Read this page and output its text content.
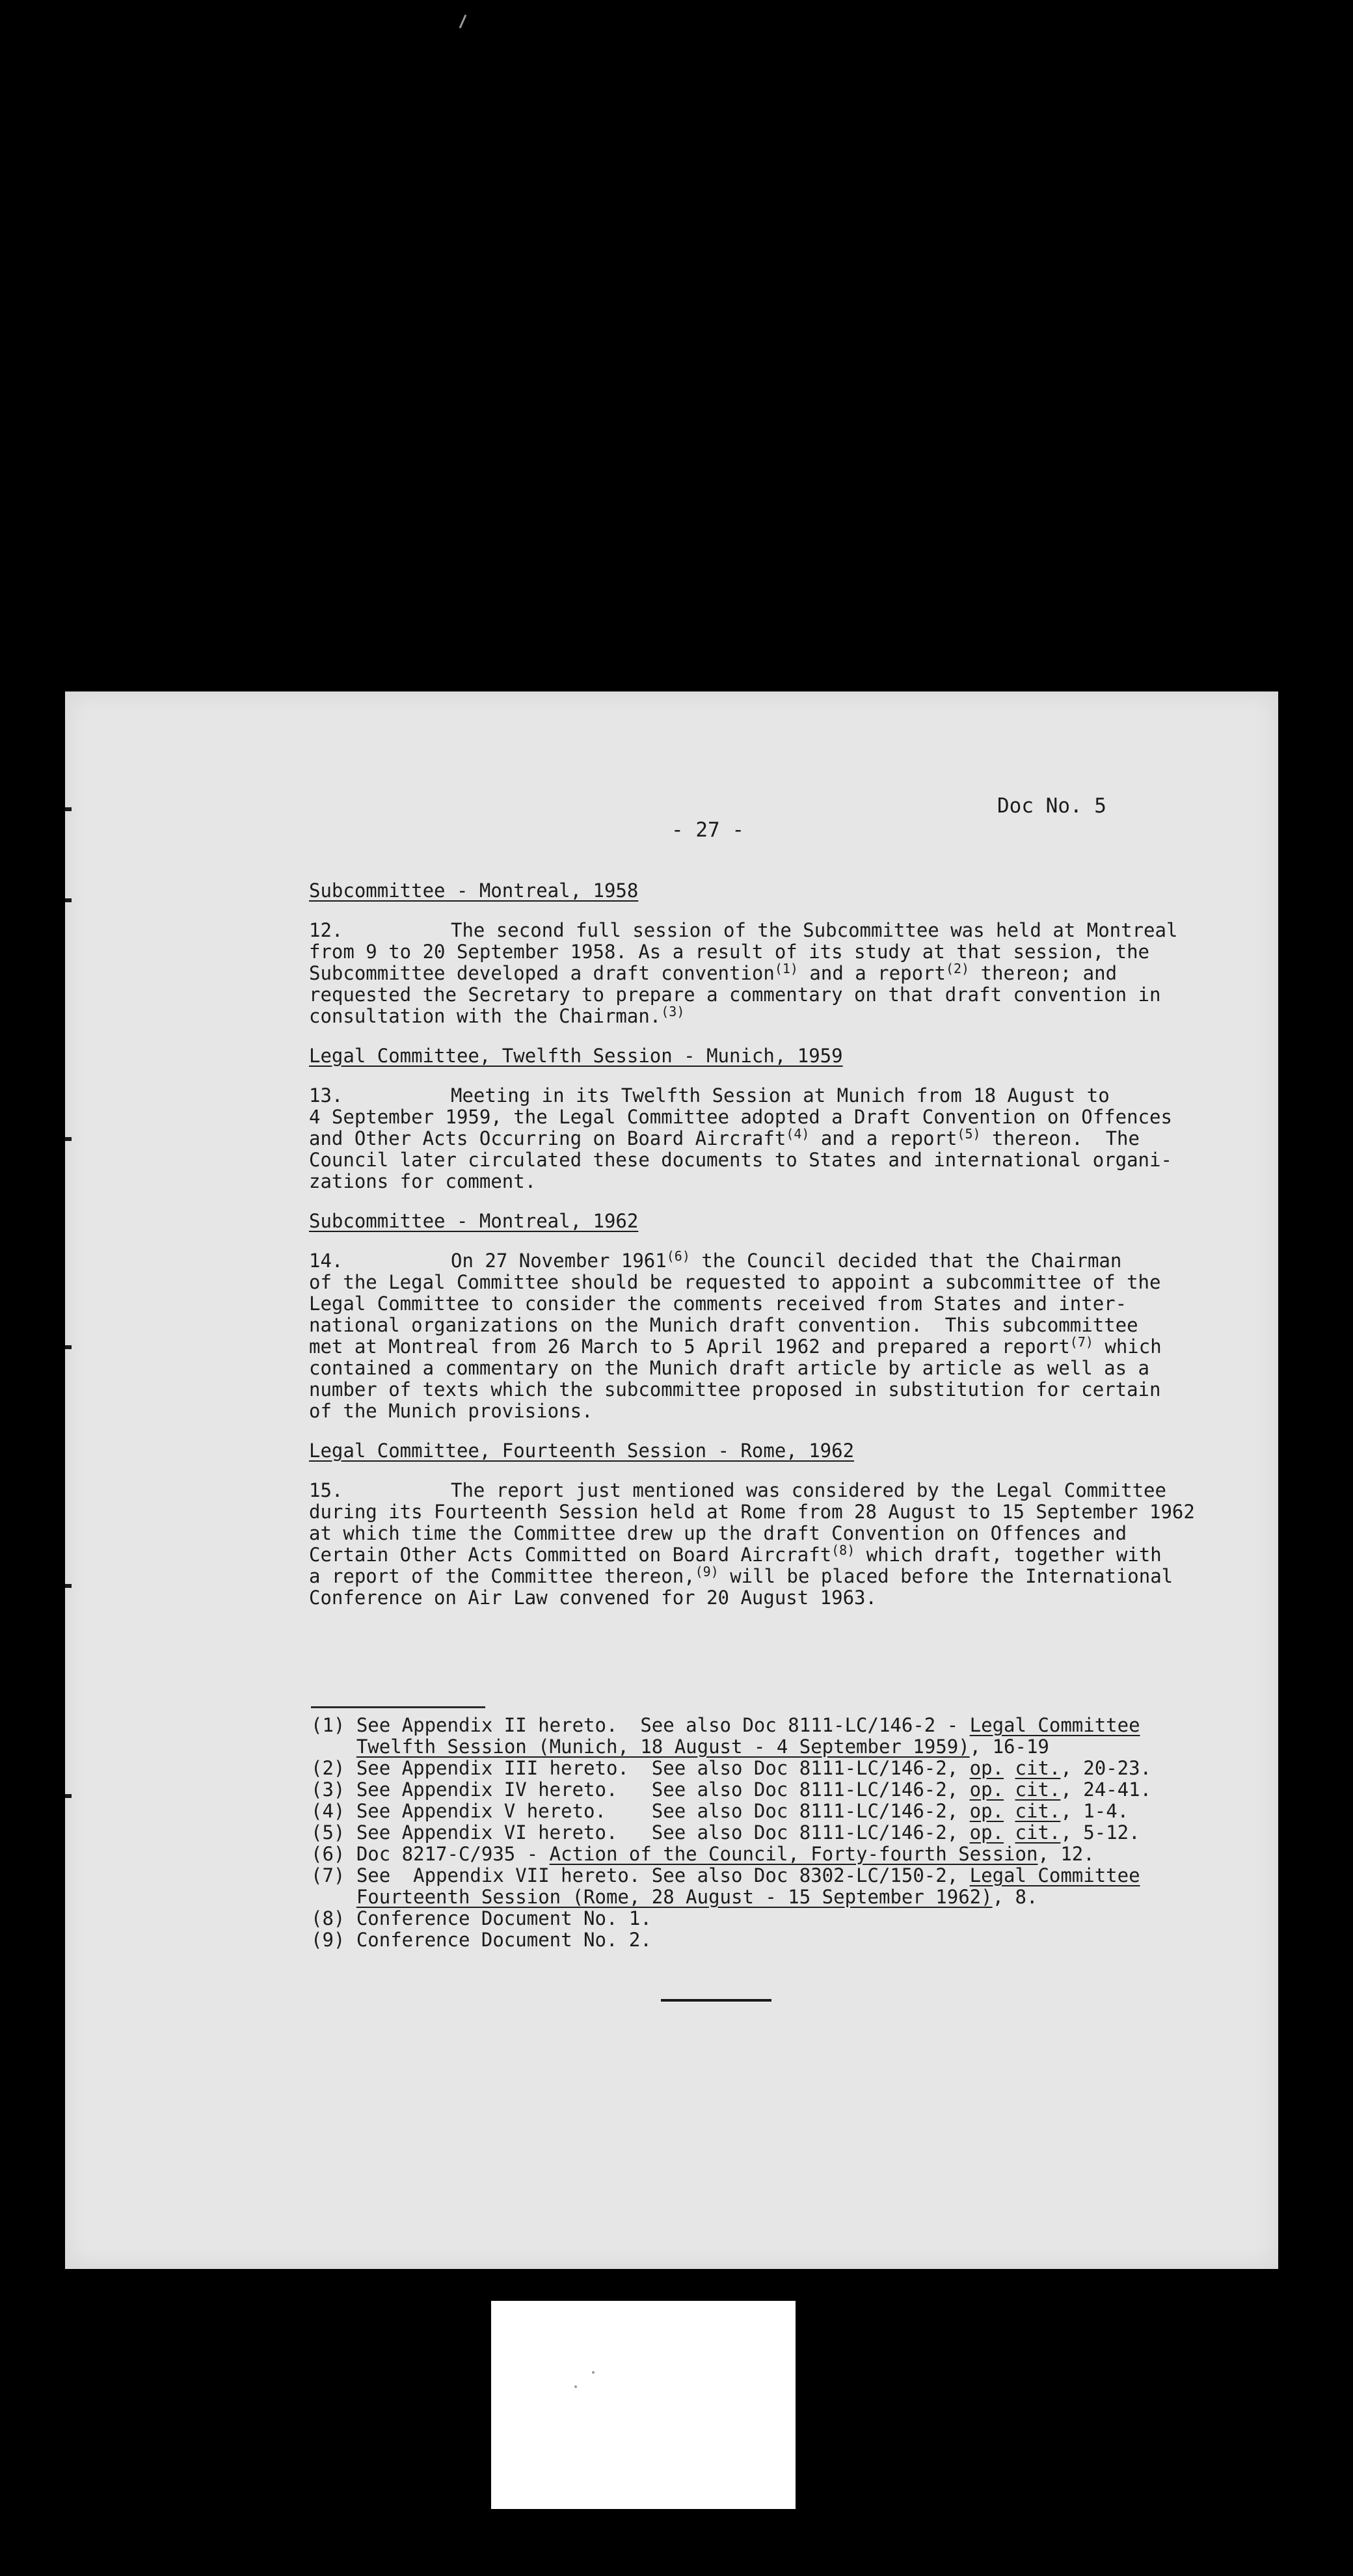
Doc No. 5
- 27 -
Subcommittee - Montreal, 1958
12.	The second full session of the Subcommittee was held at Montreal
from 9 to 20 September 1958. As a result of its study at that session, the
Subcommittee developed a draft convention$^{(1)}$ and a report$^{(2)}$ thereon; and
requested the Secretary to prepare a commentary on that draft convention in
consultation with the Chairman.$^{(3)}$
Legal Committee, Twelfth Session - Munich, 1959
13.	Meeting in its Twelfth Session at Munich from 18 August to
4 September 1959, the Legal Committee adopted a Draft Convention on Offences
and Other Acts Occurring on Board Aircraft$^{(4)}$ and a report$^{(5)}$ thereon.  The
Council later circulated these documents to States and international organi-
zations for comment.
Subcommittee - Montreal, 1962
14.	On 27 November 1961$^{(6)}$ the Council decided that the Chairman
of the Legal Committee should be requested to appoint a subcommittee of the
Legal Committee to consider the comments received from States and inter-
national organizations on the Munich draft convention.  This subcommittee
met at Montreal from 26 March to 5 April 1962 and prepared a report$^{(7)}$ which
contained a commentary on the Munich draft article by article as well as a
number of texts which the subcommittee proposed in substitution for certain
of the Munich provisions.
Legal Committee, Fourteenth Session - Rome, 1962
15.	The report just mentioned was considered by the Legal Committee
during its Fourteenth Session held at Rome from 28 August to 15 September 1962
at which time the Committee drew up the draft Convention on Offences and
Certain Other Acts Committed on Board Aircraft$^{(8)}$ which draft, together with
a report of the Committee thereon,$^{(9)}$ will be placed before the International
Conference on Air Law convened for 20 August 1963.
(1) See Appendix II hereto.  See also Doc 8111-LC/146-2 - Legal Committee
Twelfth Session (Munich, 18 August - 4 September 1959), 16-19
(2) See Appendix III hereto.  See also Doc 8111-LC/146-2, op. cit., 20-23.
(3) See Appendix IV hereto.   See also Doc 8111-LC/146-2, op. cit., 24-41.
(4) See Appendix V hereto.    See also Doc 8111-LC/146-2, op. cit., 1-4.
(5) See Appendix VI hereto.   See also Doc 8111-LC/146-2, op. cit., 5-12.
(6) Doc 8217-C/935 - Action of the Council, Forty-fourth Session, 12.
(7) See  Appendix VII hereto. See also Doc 8302-LC/150-2, Legal Committee
Fourteenth Session (Rome, 28 August - 15 September 1962), 8.
(8) Conference Document No. 1.
(9) Conference Document No. 2.
